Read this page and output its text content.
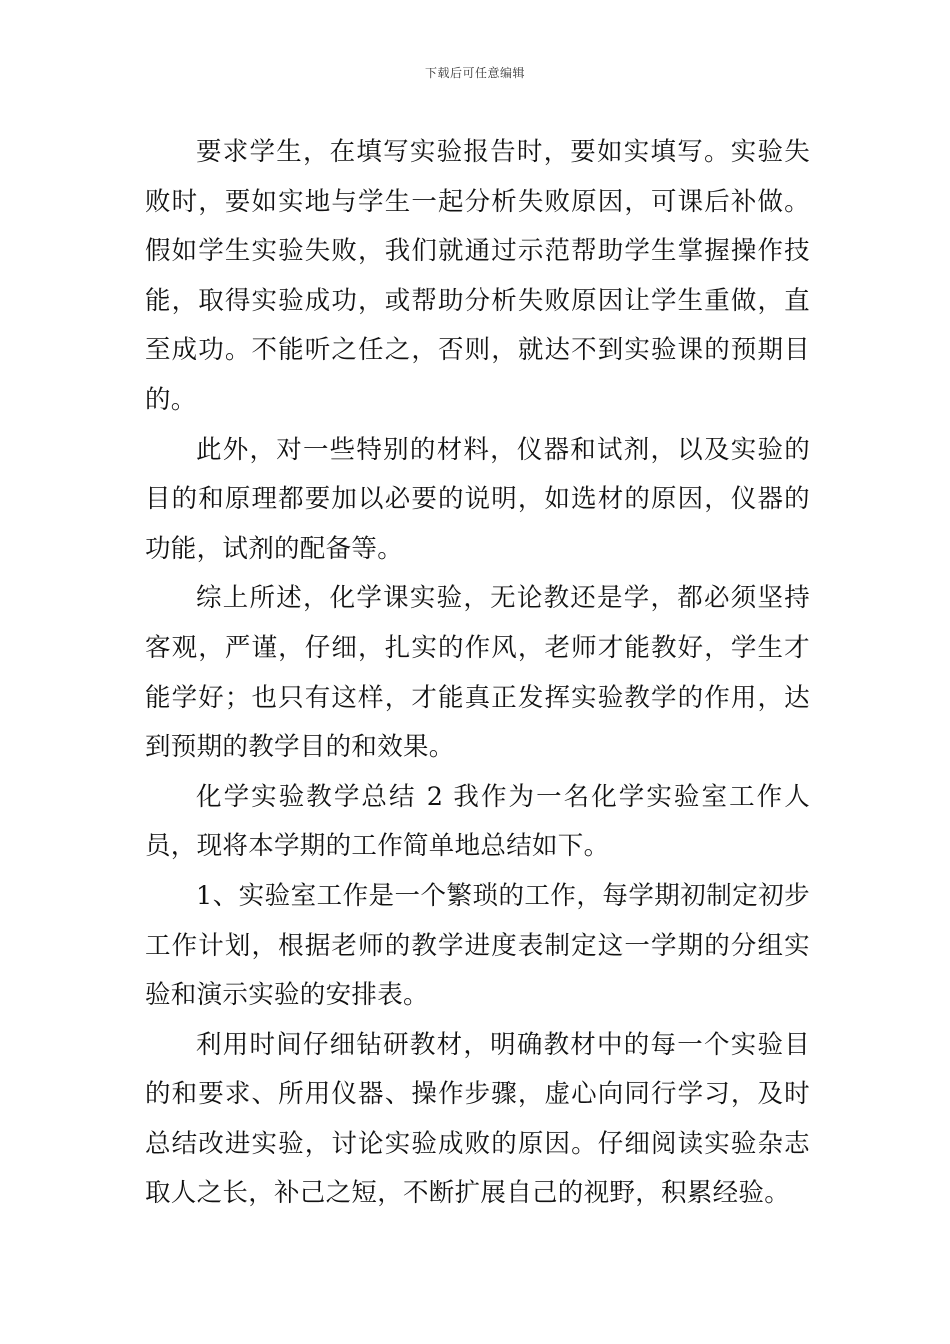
下载后可任意编辑

要求学生，在填写实验报告时，要如实填写。实验失败时，要如实地与学生一起分析失败原因，可课后补做。假如学生实验失败，我们就通过示范帮助学生掌握操作技能，取得实验成功，或帮助分析失败原因让学生重做，直至成功。不能听之任之，否则，就达不到实验课的预期目的。

此外，对一些特别的材料，仪器和试剂，以及实验的目的和原理都要加以必要的说明，如选材的原因，仪器的功能，试剂的配备等。

综上所述，化学课实验，无论教还是学，都必须坚持客观，严谨，仔细，扎实的作风，老师才能教好，学生才能学好；也只有这样，才能真正发挥实验教学的作用，达到预期的教学目的和效果。

化学实验教学总结 2 我作为一名化学实验室工作人员，现将本学期的工作简单地总结如下。

1、实验室工作是一个繁琐的工作，每学期初制定初步工作计划，根据老师的教学进度表制定这一学期的分组实验和演示实验的安排表。

利用时间仔细钻研教材，明确教材中的每一个实验目的和要求、所用仪器、操作步骤，虚心向同行学习，及时总结改进实验，讨论实验成败的原因。仔细阅读实验杂志取人之长，补己之短，不断扩展自己的视野，积累经验。
